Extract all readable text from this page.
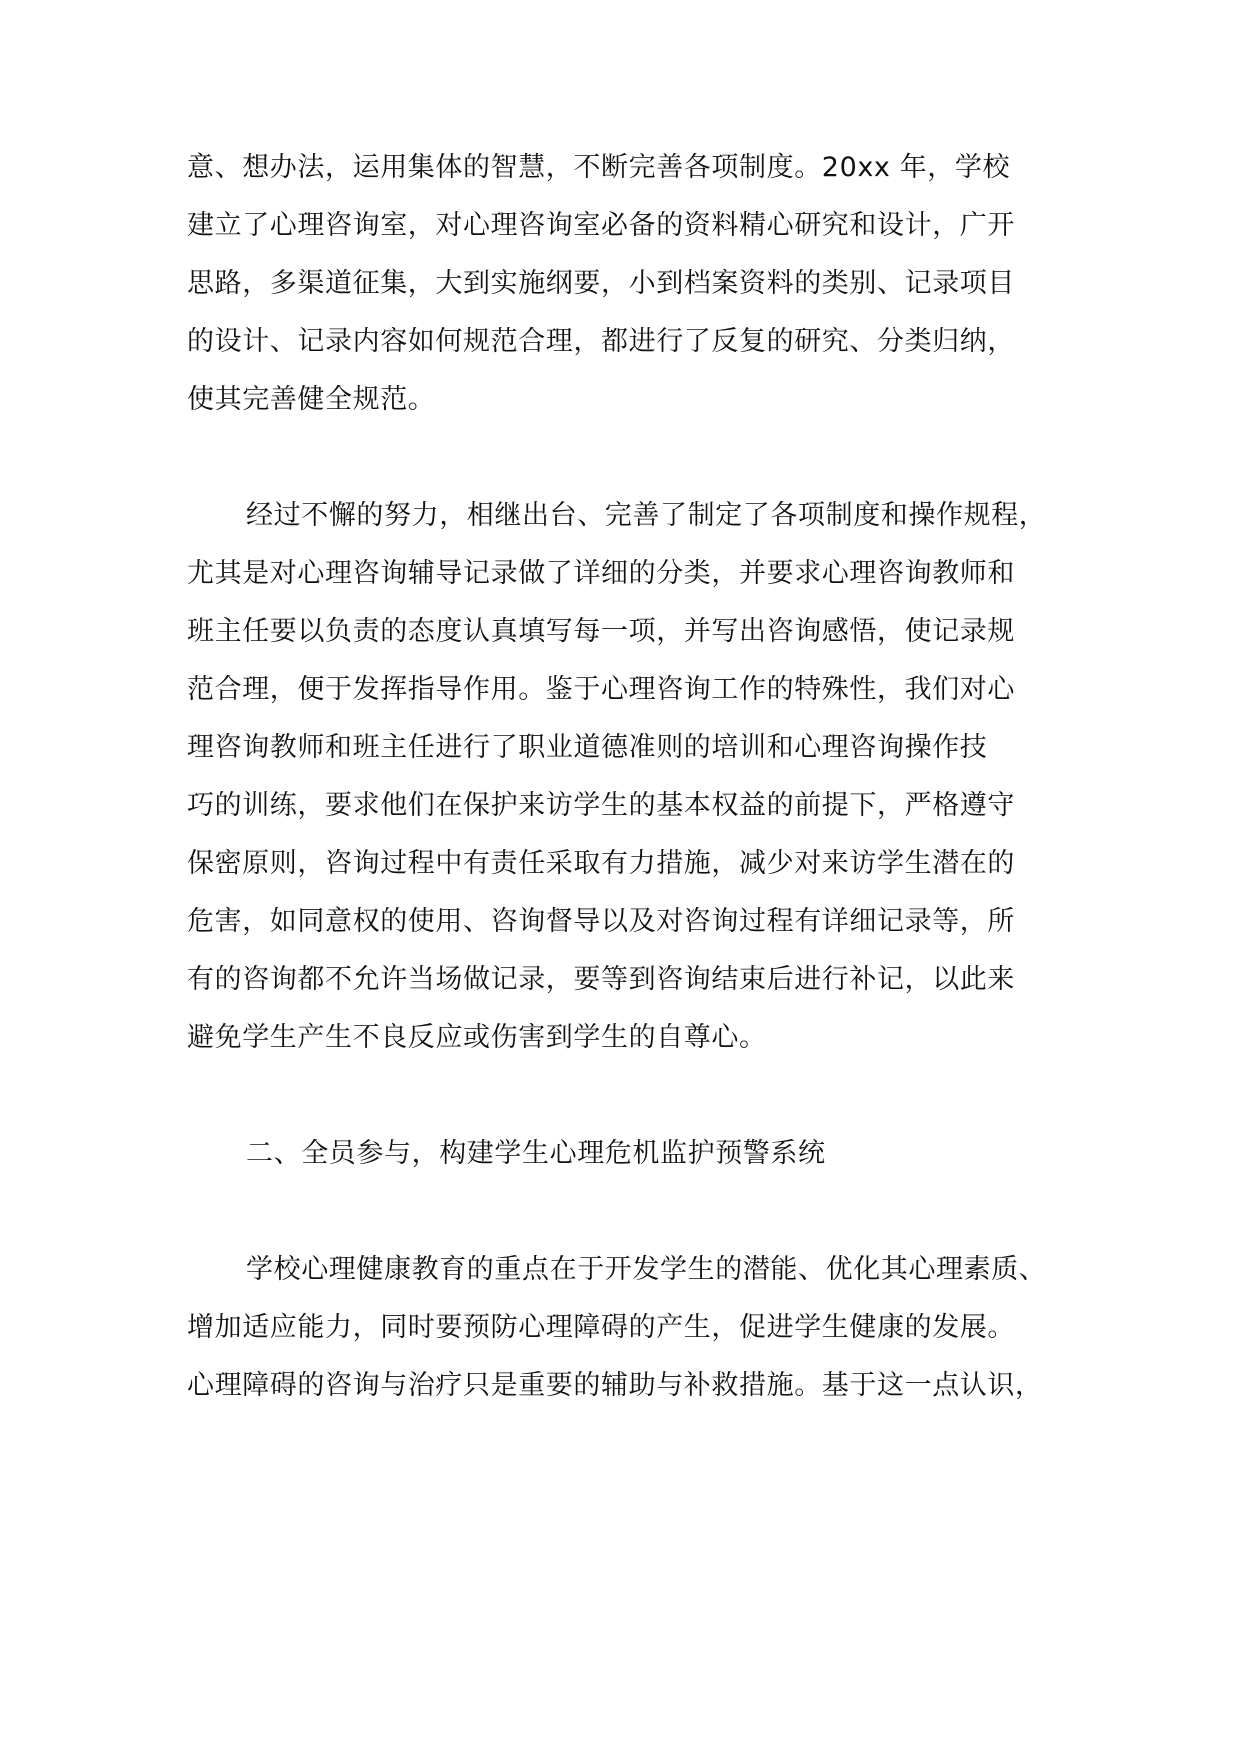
意、想办法，运用集体的智慧，不断完善各项制度。20xx 年，学校
建立了心理咨询室，对心理咨询室必备的资料精心研究和设计，广开
思路，多渠道征集，大到实施纲要，小到档案资料的类别、记录项目
的设计、记录内容如何规范合理，都进行了反复的研究、分类归纳，
使其完善健全规范。
经过不懈的努力，相继出台、完善了制定了各项制度和操作规程，
尤其是对心理咨询辅导记录做了详细的分类，并要求心理咨询教师和
班主任要以负责的态度认真填写每一项，并写出咨询感悟，使记录规
范合理，便于发挥指导作用。鉴于心理咨询工作的特殊性，我们对心
理咨询教师和班主任进行了职业道德准则的培训和心理咨询操作技
巧的训练，要求他们在保护来访学生的基本权益的前提下，严格遵守
保密原则，咨询过程中有责任采取有力措施，减少对来访学生潜在的
危害，如同意权的使用、咨询督导以及对咨询过程有详细记录等，所
有的咨询都不允许当场做记录，要等到咨询结束后进行补记，以此来
避免学生产生不良反应或伤害到学生的自尊心。
二、全员参与，构建学生心理危机监护预警系统
学校心理健康教育的重点在于开发学生的潜能、优化其心理素质、
增加适应能力，同时要预防心理障碍的产生，促进学生健康的发展。
心理障碍的咨询与治疗只是重要的辅助与补救措施。基于这一点认识，
